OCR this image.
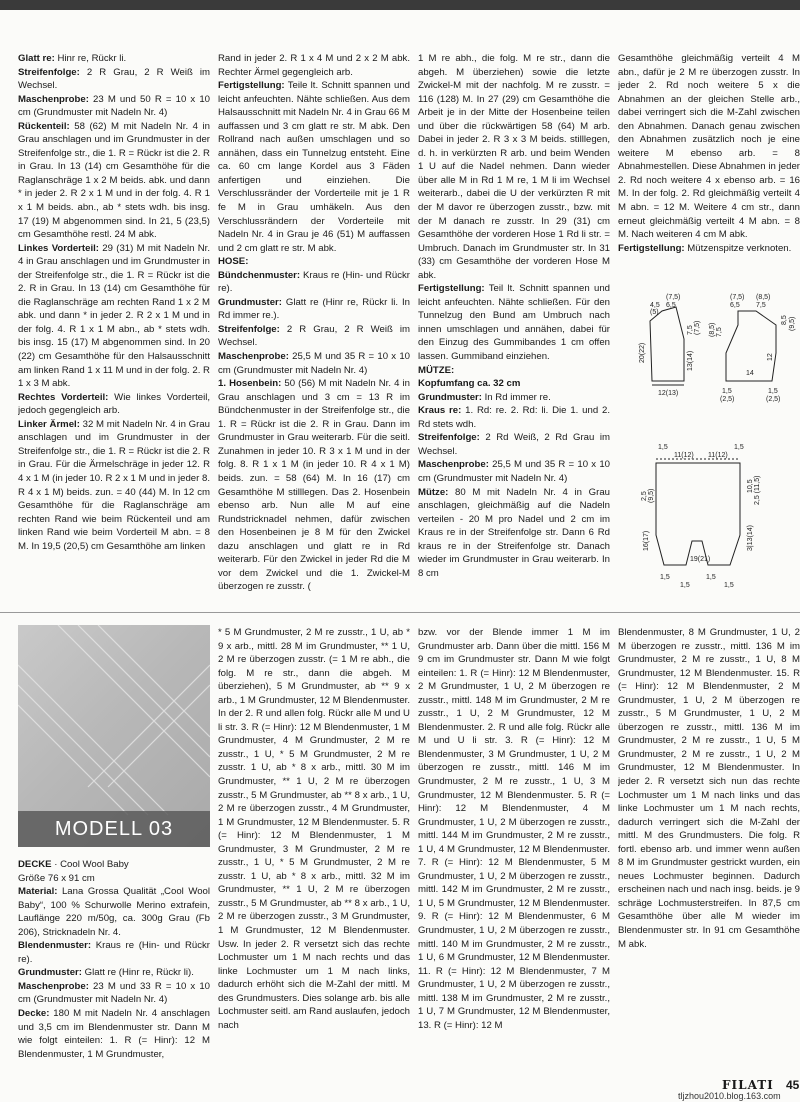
Glatt re: Hinr re, Rückr li.

Streifenfolge: 2 R Grau, 2 R Weiß im Wechsel.

Maschenprobe: 23 M und 50 R = 10 x 10 cm (Grundmuster mit Nadeln Nr. 4)

Rückenteil: 58 (62) M mit Nadeln Nr. 4 in Grau anschlagen und im Grundmuster in der Streifenfolge str., die 1. R = Rückr ist die 2. R in Grau. In 13 (14) cm Gesamthöhe für die Raglanschräge 1 x 2 M beids. abk. und dann * in jeder 2. R 2 x 1 M und in der folg. 4. R 1 x 1 M beids. abn., ab * stets wdh. bis insg. 17 (19) M abgenommen sind. In 21, 5 (23,5) cm Gesamthöhe restl. 24 M abk.

Linkes Vorderteil: 29 (31) M mit Nadeln Nr. 4 in Grau anschlagen und im Grundmuster in der Streifenfolge str., die 1. R = Rückr ist die 2. R in Grau. In 13 (14) cm Gesamthöhe für die Raglanschräge am rechten Rand 1 x 2 M abk. und dann * in jeder 2. R 2 x 1 M und in der folg. 4. R 1 x 1 M abn., ab * stets wdh. bis insg. 15 (17) M abgenommen sind. In 20 (22) cm Gesamthöhe für den Halsausschnitt am linken Rand 1 x 11 M und in der folg. 2. R 1 x 3 M abk.

Rechtes Vorderteil: Wie linkes Vorderteil, jedoch gegengleich arb.

Linker Ärmel: 32 M mit Nadeln Nr. 4 in Grau anschlagen und im Grundmuster in der Streifenfolge str., die 1. R = Rückr ist die 2. R in Grau. Für die Ärmelschräge in jeder 12. R 4 x 1 M (in jeder 10. R 2 x 1 M und in jeder 8. R 4 x 1 M) beids. zun. = 40 (44) M. In 12 cm Gesamthöhe für die Raglanschräge am rechten Rand wie beim Rückenteil und am linken Rand wie beim Vorderteil M abn. = 8 M. In 19,5 (20,5) cm Gesamthöhe am linken

Rand in jeder 2. R 1 x 4 M und 2 x 2 M abk. Rechter Ärmel gegengleich arb.

Fertigstellung: Teile lt. Schnitt spannen und leicht anfeuchten. Nähte schließen. Aus dem Halsausschnitt mit Nadeln Nr. 4 in Grau 66 M auffassen und 3 cm glatt re str. M abk. Den Rollrand nach außen umschlagen und so annähen, dass ein Tunnelzug entsteht. Eine ca. 60 cm lange Kordel aus 3 Fäden anfertigen und einziehen. Die Verschlussränder der Vorderteile mit je 1 R fe M in Grau umhäkeln. Aus den Verschlussrändern der Vorderteile mit Nadeln Nr. 4 in Grau je 46 (51) M auffassen und 2 cm glatt re str. M abk.

HOSE:

Bündchenmuster: Kraus re (Hin- und Rückr re).

Grundmuster: Glatt re (Hinr re, Rückr li. In Rd immer re.).

Streifenfolge: 2 R Grau, 2 R Weiß im Wechsel.

Maschenprobe: 25,5 M und 35 R = 10 x 10 cm (Grundmuster mit Nadeln Nr. 4)

1. Hosenbein: 50 (56) M mit Nadeln Nr. 4 in Grau anschlagen und 3 cm = 13 R im Bündchenmuster in der Streifenfolge str., die 1. R = Rückr ist die 2. R in Grau. Dann im Grundmuster in Grau weiterarb. Für die seitl. Zunahmen in jeder 10. R 3 x 1 M und in der folg. 8. R 1 x 1 M (in jeder 10. R 4 x 1 M) beids. zun. = 58 (64) M. In 16 (17) cm Gesamthöhe M stilllegen. Das 2. Hosenbein ebenso arb. Nun alle M auf eine Rundstricknadel nehmen, dafür zwischen den Hosenbeinen je 8 M für den Zwickel dazu anschlagen und glatt re in Rd weiterarb. Für den Zwickel in jeder Rd die M vor dem Zwickel und die 1. Zwickel-M überzogen re zusstr. (

1 M re abh., die folg. M re str., dann die abgeh. M überziehen) sowie die letzte Zwickel-M mit der nachfolg. M re zusstr. = 116 (128) M. In 27 (29) cm Gesamthöhe die Arbeit je in der Mitte der Hosenbeine teilen und über die rückwärtigen 58 (64) M arb. Dabei in jeder 2. R 3 x 3 M beids. stilllegen, d. h. in verkürzten R arb. und beim Wenden 1 U auf die Nadel nehmen. Dann wieder über alle M in Rd 1 M re, 1 M li im Wechsel weiterarb., dabei die U der verkürzten R mit der M davor re überzogen zusstr., bzw. mit der M danach re zusstr. In 29 (31) cm Gesamthöhe der vorderen Hose 1 Rd li str. = Umbruch. Danach im Grundmuster str. In 31 (33) cm Gesamthöhe der vorderen Hose M abk.

Fertigstellung: Teil lt. Schnitt spannen und leicht anfeuchten. Nähte schließen. Für den Tunnelzug den Bund am Umbruch nach innen umschlagen und annähen, dabei für den Einzug des Gummibandes 1 cm offen lassen. Gummiband einziehen.

MÜTZE:

Kopfumfang ca. 32 cm

Grundmuster: In Rd immer re.

Kraus re: 1. Rd: re. 2. Rd: li. Die 1. und 2. Rd stets wdh.

Streifenfolge: 2 Rd Weiß, 2 Rd Grau im Wechsel.

Maschenprobe: 25,5 M und 35 R = 10 x 10 cm (Grundmuster mit Nadeln Nr. 4)

Mütze: 80 M mit Nadeln Nr. 4 in Grau anschlagen, gleichmäßig auf die Nadeln verteilen - 20 M pro Nadel und 2 cm im Kraus re in der Streifenfolge str. Dann 6 Rd kraus re in der Streifenfolge str. Danach wieder im Grundmuster in Grau weiterarb. In 8 cm

Gesamthöhe gleichmäßig verteilt 4 M abn., dafür je 2 M re überzogen zusstr. In jeder 2. Rd noch weitere 5 x die Abnahmen an der gleichen Stelle arb., dabei verringert sich die M-Zahl zwischen den Abnahmen. Danach genau zwischen den Abnahmen zusätzlich noch je eine weitere M ebenso arb. = 8 Abnahmestellen. Diese Abnahmen in jeder 2. Rd noch weitere 4 x ebenso arb. = 16 M. In der folg. 2. Rd gleichmäßig verteilt 4 M abn. = 12 M. Weitere 4 cm str., dann erneut gleichmäßig verteilt 4 M abn. = 8 M. Nach weiteren 4 cm M abk.

Fertigstellung: Mützenspitze verknoten.

(7,5)
6,5
4,5
(5)
20(22)	13(14)
7,5 (7,5)
12(13)
(7,5)
6,5
(8,5)
7,5
8,5 (9,5)
(8,5) 7,5
14
12
1,5
(2,5)
1,5
(2,5)
1,5
11(12) 11(12)
1,5
2,5 (9,5)
16(17)
10,5 2,5 (11,5)
3|13(14)
19(21)
1,5
1,5
1,5
1,5
MODELL 03

DECKE · Cool Wool Baby

Größe 76 x 91 cm

Material: Lana Grossa Qualität „Cool Wool Baby“, 100 % Schurwolle Merino extrafein, Lauflänge 220 m/50g, ca. 300g Grau (Fb 206), Stricknadeln Nr. 4.

Blendenmuster: Kraus re (Hin- und Rückr re).

Grundmuster: Glatt re (Hinr re, Rückr li).

Maschenprobe: 23 M und 33 R = 10 x 10 cm (Grundmuster mit Nadeln Nr. 4)

Decke: 180 M mit Nadeln Nr. 4 anschlagen und 3,5 cm im Blendenmuster str. Dann M wie folgt einteilen: 1. R (= Hinr): 12 M Blendenmuster, 1 M Grundmuster,

* 5 M Grundmuster, 2 M re zusstr., 1 U, ab * 9 x arb., mittl. 28 M im Grundmuster, ** 1 U, 2 M re überzogen zusstr. (= 1 M re abh., die folg. M re str., dann die abgeh. M überziehen), 5 M Grundmuster, ab ** 9 x arb., 1 M Grundmuster, 12 M Blendenmuster. In der 2. R und allen folg. Rückr alle M und U li str. 3. R (= Hinr): 12 M Blendenmuster, 1 M Grundmuster, 4 M Grundmuster, 2 M re zusstr., 1 U, * 5 M Grundmuster, 2 M re zusstr. 1 U, ab * 8 x arb., mittl. 30 M im Grundmuster, ** 1 U, 2 M re überzogen zusstr., 5 M Grundmuster, ab ** 8 x arb., 1 U, 2 M re überzogen zusstr., 4 M Grundmuster, 1 M Grundmuster, 12 M Blendenmuster. 5. R (= Hinr): 12 M Blendenmuster, 1 M Grundmuster, 3 M Grundmuster, 2 M re zusstr., 1 U, * 5 M Grundmuster, 2 M re zusstr. 1 U, ab * 8 x arb., mittl. 32 M im Grundmuster, ** 1 U, 2 M re überzogen zusstr., 5 M Grundmuster, ab ** 8 x arb., 1 U, 2 M re überzogen zusstr., 3 M Grundmuster, 1 M Grundmuster, 12 M Blendenmuster. Usw. In jeder 2. R versetzt sich das rechte Lochmuster um 1 M nach rechts und das linke Lochmuster um 1 M nach links, dadurch erhöht sich die M-Zahl der mittl. M des Grundmusters. Dies solange arb. bis alle Lochmuster seitl. am Rand auslaufen, jedoch nach

bzw. vor der Blende immer 1 M im Grundmuster arb. Dann über die mittl. 156 M 9 cm im Grundmuster str. Dann M wie folgt einteilen: 1. R (= Hinr): 12 M Blendenmuster, 2 M Grundmuster, 1 U, 2 M überzogen re zusstr., mittl. 148 M im Grundmuster, 2 M re zusstr., 1 U, 2 M Grundmuster, 12 M Blendenmuster. 2. R und alle folg. Rückr alle M und U li str. 3. R (= Hinr): 12 M Blendenmuster, 3 M Grundmuster, 1 U, 2 M überzogen re zusstr., mittl. 146 M im Grundmuster, 2 M re zusstr., 1 U, 3 M Grundmuster, 12 M Blendenmuster. 5. R (= Hinr): 12 M Blendenmuster, 4 M Grundmuster, 1 U, 2 M überzogen re zusstr., mittl. 144 M im Grundmuster, 2 M re zusstr., 1 U, 4 M Grundmuster, 12 M Blendenmuster. 7. R (= Hinr): 12 M Blendenmuster, 5 M Grundmuster, 1 U, 2 M überzogen re zusstr., mittl. 142 M im Grundmuster, 2 M re zusstr., 1 U, 5 M Grundmuster, 12 M Blendenmuster. 9. R (= Hinr): 12 M Blendenmuster, 6 M Grundmuster, 1 U, 2 M überzogen re zusstr., mittl. 140 M im Grundmuster, 2 M re zusstr., 1 U, 6 M Grundmuster, 12 M Blendenmuster. 11. R (= Hinr): 12 M Blendenmuster, 7 M Grundmuster, 1 U, 2 M überzogen re zusstr., mittl. 138 M im Grundmuster, 2 M re zusstr., 1 U, 7 M Grundmuster, 12 M Blendenmuster, 13. R (= Hinr): 12 M

Blendenmuster, 8 M Grundmuster, 1 U, 2 M überzogen re zusstr., mittl. 136 M im Grundmuster, 2 M re zusstr., 1 U, 8 M Grundmuster, 12 M Blendenmuster. 15. R (= Hinr): 12 M Blendenmuster, 2 M Grundmuster, 1 U, 2 M überzogen re zusstr., 5 M Grundmuster, 1 U, 2 M überzogen re zusstr., mittl. 136 M im Grundmuster, 2 M re zusstr., 1 U, 5 M Grundmuster, 2 M re zusstr., 1 U, 2 M Grundmuster, 12 M Blendenmuster. In jeder 2. R versetzt sich nun das rechte Lochmuster um 1 M nach links und das linke Lochmuster um 1 M nach rechts, dadurch verringert sich die M-Zahl der mittl. M des Grundmusters. Die folg. R fortl. ebenso arb. und immer wenn außen 8 M im Grundmuster gestrickt wurden, ein neues Lochmuster beginnen. Dadurch erscheinen nach und nach insg. beids. je 9 schräge Lochmusterstreifen. In 87,5 cm Gesamthöhe über alle M wieder im Blendenmuster str. In 91 cm Gesamthöhe M abk.

FILATI 45
tljzhou2010.blog.163.com
